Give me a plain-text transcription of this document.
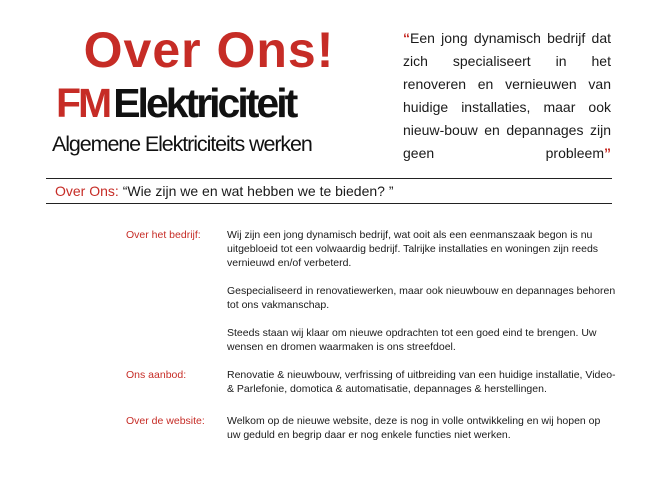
Over Ons!
FMElektriciteit
Algemene Elektriciteits werken
“Een jong dynamisch bedrijf dat zich specialiseert in het renoveren en vernieuwen van huidige installaties, maar ook nieuw-bouw en depannages zijn geen probleem”
Over Ons: “Wie zijn we en wat hebben we te bieden? ”
Over het bedrijf:	Wij zijn een jong dynamisch bedrijf, wat ooit als een eenmanszaak begon is nu uitgebloeid tot een volwaardig bedrijf. Talrijke installaties en woningen zijn reeds vernieuwd en/of verbeterd.

Gespecialiseerd in renovatiewerken, maar ook nieuwbouw en depannages behoren tot ons vakmanschap.

Steeds staan wij klaar om nieuwe opdrachten tot een goed eind te brengen. Uw wensen en dromen waarmaken is ons streefdoel.

Ons aanbod:	Renovatie & nieuwbouw, verfrissing of uitbreiding van een huidige installatie, Video- & Parlefonie, domotica & automatisatie, depannages & herstellingen.

Over de website:	Welkom op de nieuwe website, deze is nog in volle ontwikkeling en wij hopen op uw geduld en begrip daar er nog enkele functies niet werken.
